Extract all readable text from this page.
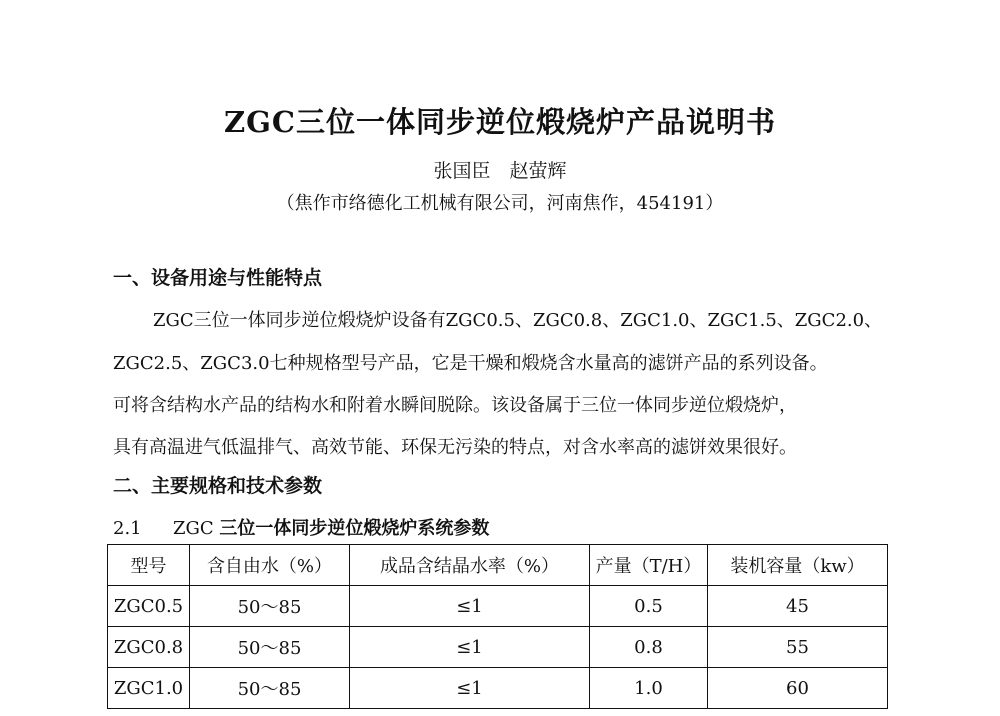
ZGC三位一体同步逆位煅烧炉产品说明书
张国臣　赵萤辉
（焦作市络德化工机械有限公司，河南焦作，454191）
一、设备用途与性能特点
ZGC三位一体同步逆位煅烧炉设备有ZGC0.5、ZGC0.8、ZGC1.0、ZGC1.5、ZGC2.0、
ZGC2.5、ZGC3.0七种规格型号产品，它是干燥和煅烧含水量高的滤饼产品的系列设备。
可将含结构水产品的结构水和附着水瞬间脱除。该设备属于三位一体同步逆位煅烧炉，
具有高温进气低温排气、高效节能、环保无污染的特点，对含水率高的滤饼效果很好。
二、主要规格和技术参数
2.1 ZGC 三位一体同步逆位煅烧炉系统参数
型号	含自由水（%）	成品含结晶水率（%）	产量（T/H）	装机容量（kw）
ZGC0.5	50～85	≤1	0.5	45
ZGC0.8	50～85	≤1	0.8	55
ZGC1.0	50～85	≤1	1.0	60
